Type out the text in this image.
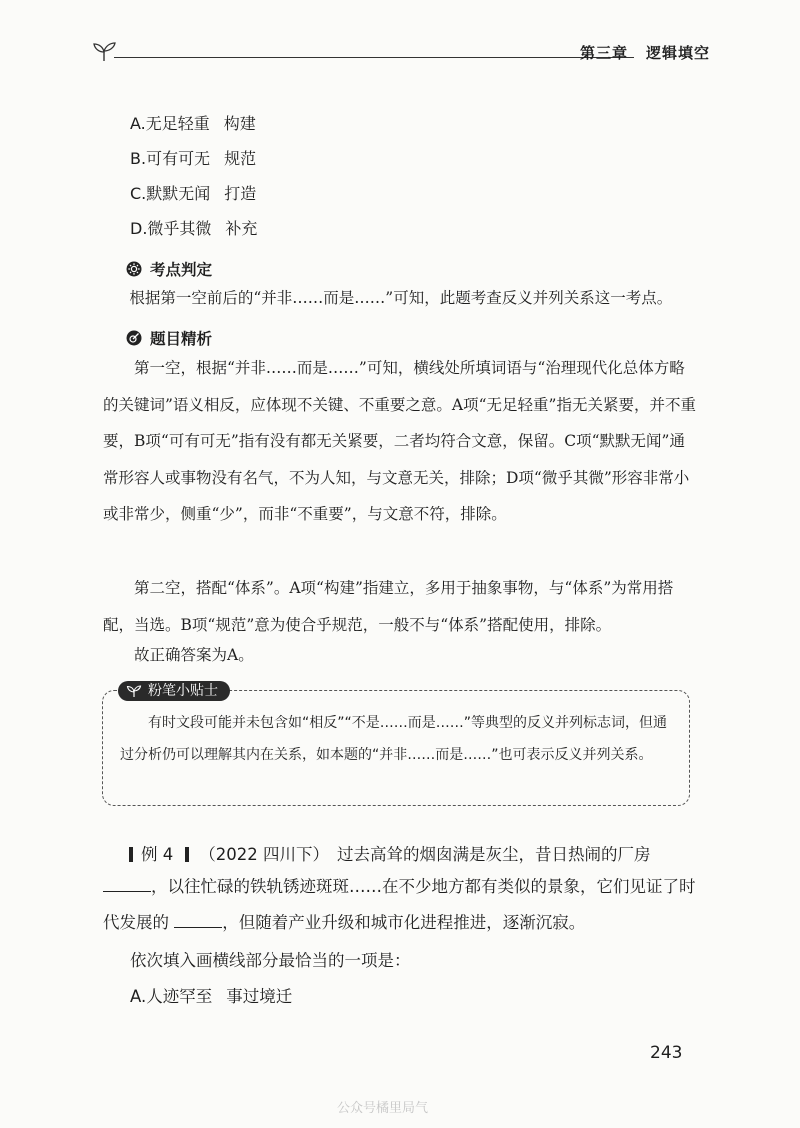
第三章 逻辑填空
A.无足轻重 构建
B.可有可无 规范
C.默默无闻 打造
D.微乎其微 补充
考点判定

根据第一空前后的“并非……而是……”可知，此题考查反义并列关系这一考点。

题目精析

第一空，根据“并非……而是……”可知，横线处所填词语与“治理现代化总体方略的关键词”语义相反，应体现不关键、不重要之意。A项“无足轻重”指无关紧要，并不重要，B项“可有可无”指有没有都无关紧要，二者均符合文意，保留。C项“默默无闻”通常形容人或事物没有名气，不为人知，与文意无关，排除；D项“微乎其微”形容非常小或非常少，侧重“少”，而非“不重要”，与文意不符，排除。

第二空，搭配“体系”。A项“构建”指建立，多用于抽象事物，与“体系”为常用搭配，当选。B项“规范”意为使合乎规范，一般不与“体系”搭配使用，排除。

故正确答案为A。

粉笔小贴士

有时文段可能并未包含如“相反”“不是……而是……”等典型的反义并列标志词，但通过分析仍可以理解其内在关系，如本题的“并非……而是……”也可表示反义并列关系。

例 4 （2022 四川下） 过去高耸的烟囱满是灰尘，昔日热闹的厂房

，以往忙碌的铁轨锈迹斑斑……在不少地方都有类似的景象，它们见证了时

代发展的	，但随着产业升级和城市化进程推进，逐渐沉寂。

依次填入画横线部分最恰当的一项是：

A.人迹罕至 事过境迁
243
公众号橘里局气
